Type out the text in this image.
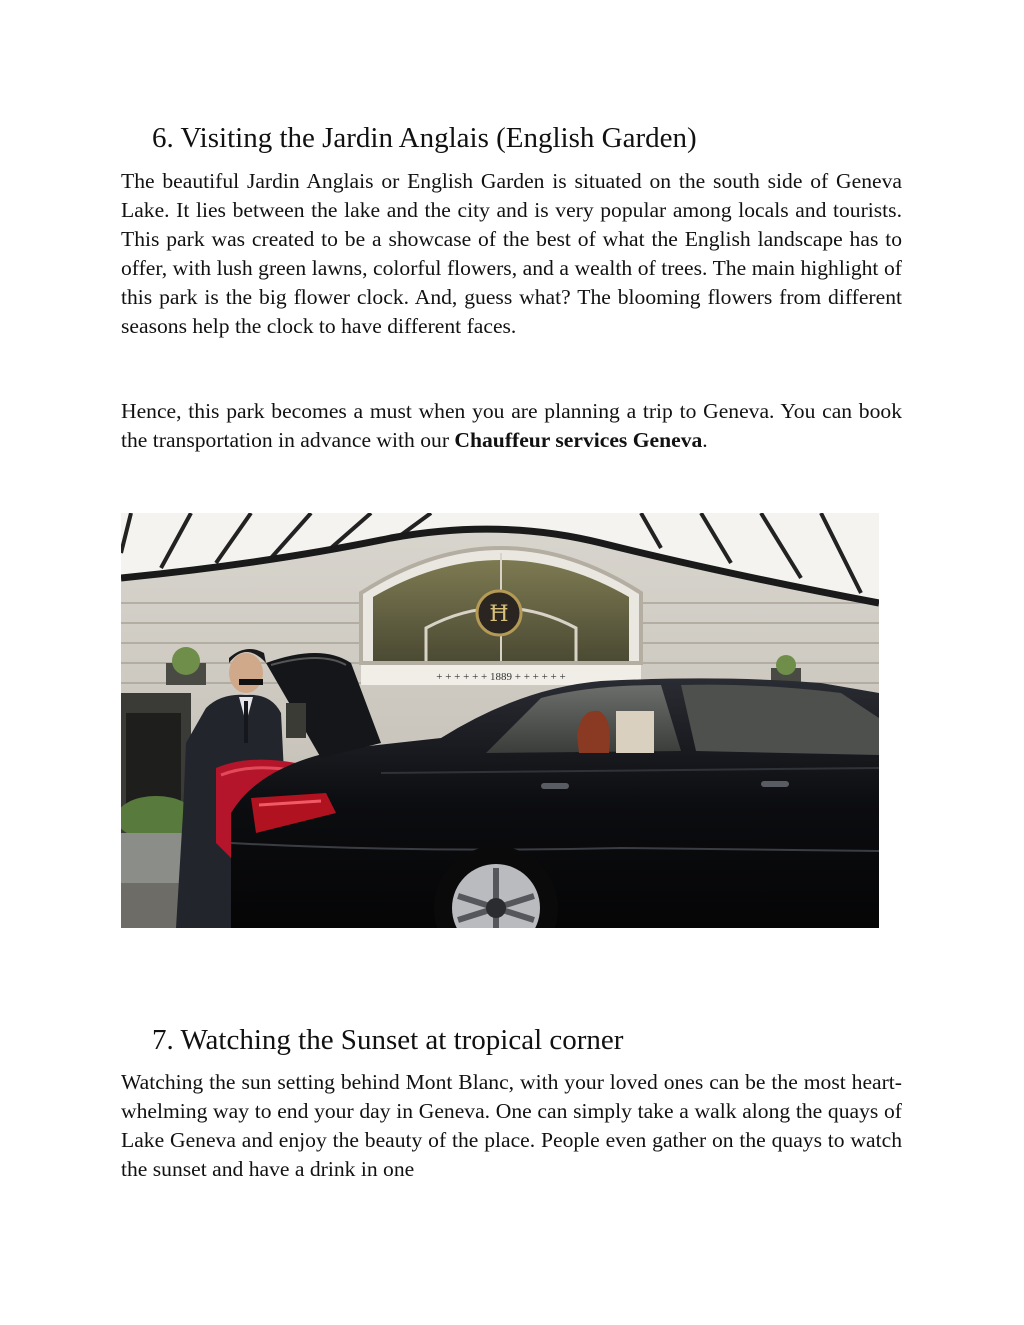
6. Visiting the Jardin Anglais (English Garden)

The beautiful Jardin Anglais or English Garden is situated on the south side of Geneva Lake. It lies between the lake and the city and is very popular among locals and tourists. This park was created to be a showcase of the best of what the English landscape has to offer, with lush green lawns, colorful flowers, and a wealth of trees. The main highlight of this park is the big flower clock. And, guess what? The blooming flowers from different seasons help the clock to have different faces.

Hence, this park becomes a must when you are planning a trip to Geneva. You can book the transportation in advance with our Chauffeur services Geneva.

Ħ
+ + + + + + 1889 + + + + + +
7. Watching the Sunset at tropical corner

Watching the sun setting behind Mont Blanc, with your loved ones can be the most heart-whelming way to end your day in Geneva. One can simply take a walk along the quays of Lake Geneva and enjoy the beauty of the place. People even gather on the quays to watch the sunset and have a drink in one
